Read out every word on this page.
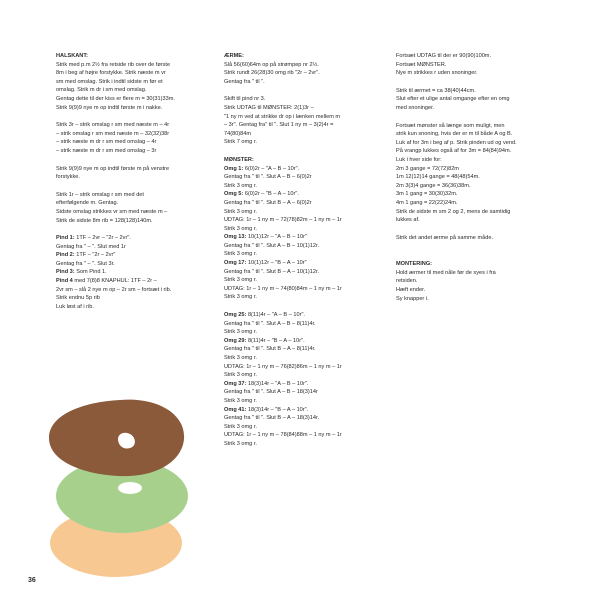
HALSKANT:

Strik med p.m 2½ fra retside rib over de første

8m i beg af højre forstykke. Strik næste m vr

sm med omslag. Strik i indtil sidste m før et

omslag. Strik m dr i sm med omslag.

Gentag dette til der kiss er flere m = 30(31)33m.

Strik 9(9)9 nye m op indtil første m i nakke.

Strik 3r – strik omslag r sm med næste m – 4r

– strik omslag r sm med næste m – 32(32)38r

– strik næste m dr r sm med omslag – 4r

– strik næste m dr r sm med omslag – 3r

Strik 9(9)9 nye m op indtil første m på venstre

forstykke.

Strik 1r – strik omslag r sm med det

efterfølgende m. Gentag.

Sidste omslag strikkes vr sm med næste m –

Strik de sidste 8m rib = 128(128)140m.

Pind 1: 1TF – 2vr – "2r – 2vr".

Gentag fra " – ". Slut med 1r

Pind 2: 1TF – "2r – 2vr"

Gentag fra " – ". Slut 3r.

Pind 3: Som Pind 1.

Pind 4 med 7(8)8 KNAPHUL: 1TF – 2r –

2vr sm – slå 2 nye m op – 2r sm – fortsæt i rib.

Strik endnu 5p rib

Luk løst af i rib.

ÆRME:

Slå 56(60)64m op på strømpep nr 2½.

Strik rundt 26(28)30 omg rib "2r – 2vr".

Gentag fra " til ".

Skift til pind nr 3.

Strik UDTAG til MØNSTER: 2(1)3r –

"1 ny m ved at strikke dr op i lænken mellem m

– 3r". Gentag fra" til ". Slut 1 ny m – 3(2)4r =

74(80)84m

Strik 7 omg r.

MØNSTER:

Omg 1: 6(0)2r – "A – B – 10r".

Gentag fra " til ". Slut A – B – 6(0)2r

Strik 3 omg r.

Omg 5: 6(0)2r – "B – A – 10r".

Gentag fra " til ". Slut B – A – 6(0)2r

Strik 3 omg r.

UDTAG: 1r – 1 ny m – 72(78)82m – 1 ny m – 1r

Strik 3 omg r.

Omg 13: 10(1)12r – "A – B – 10r"

Gentag fra " til ". Slut A – B – 10(1)12r.

Strik 3 omg r.

Omg 17: 10(1)12r – "B – A – 10r"

Gentag fra " til ". Slut B – A – 10(1)12r.

Strik 3 omg r.

UDTAG: 1r – 1 ny m – 74(80)84m – 1 ny m – 1r

Strik 3 omg r.

Omg 25: 8(11)4r – "A – B – 10r".

Gentag fra " til ". Slut A – B – 8(11)4r.

Strik 3 omg r.

Omg 29: 8(11)4r – "B – A – 10r".

Gentag fra " til ". Slut B – A – 8(11)4r.

Strik 3 omg r.

UDTAG: 1r – 1 ny m – 76(82)86m – 1 ny m – 1r

Strik 3 omg r.

Omg 37: 18(3)14r – "A – B – 10r".

Gentag fra " til ". Slut A – B – 18(3)14r

Strik 3 omg r.

Omg 41: 18(3)14r – "B – A – 10r".

Gentag fra " til ". Slut B – A – 18(3)14r.

Strik 3 omg r.

UDTAG: 1r – 1 ny m – 78(84)88m – 1 ny m – 1r

Strik 3 omg r.

Fortsæt UDTAG til der er 90(90)100m.

Fortsæt MØNSTER.

Nye m strikkes r uden snoninger.

Strik til ærmet = ca 38(40)44cm.

Slut efter et ulige antal omgange efter en omg

med snoninger.

Fortsæt mønster så længe som muligt, men

strik kun snoning, hvis der er m til både A og B.

Luk af for 3m i beg af p. Strik pinden ud og vend.

På vrangp lukkes også af for 3m = 84(84)94m.

Luk i hver side for:

2m 3 gange = 72(72)82m

1m 12(12)14 gange = 48(48)54m.

2m 3(3)4 gange = 36(36)38m.

3m 1 gang = 30(30)32m.

4m 1 gang = 22(22)24m.

Strik de sidste m sm 2 og 2, mens de samtidig

lukkes af.

Strik det andet ærme på samme måde.

MONTERING:

Hold ærmer til med nåle før de syes i fra

retsiden.

Hæft ender.

Sy knapper i.

36
